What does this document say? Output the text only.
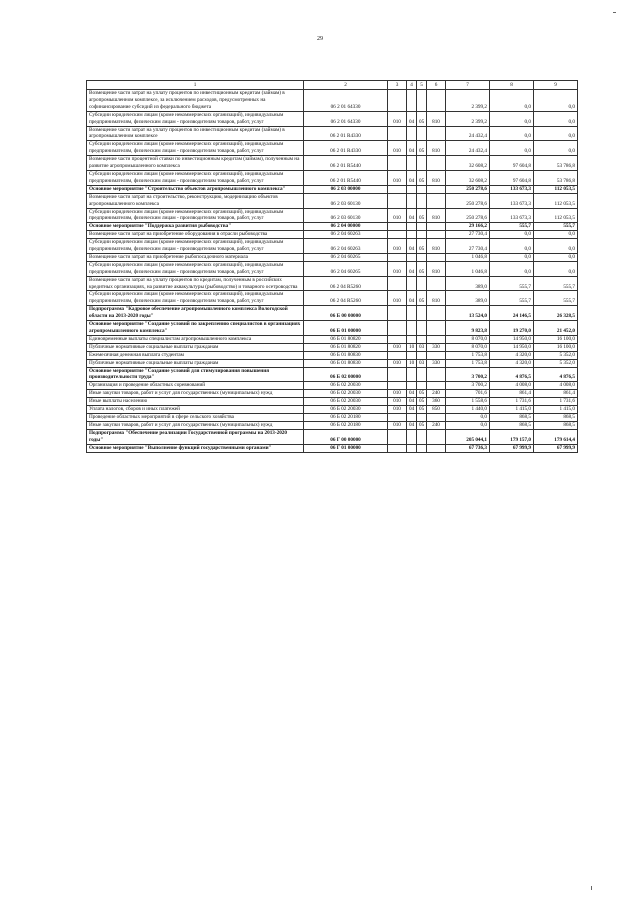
29
1	2	3	4	5	6	7	8	9
Возмещение части затрат на уплату процентов по инвестиционным кредитам (займам) в агропромышленном комплексе, за исключением расходов, предусмотренных на софинансирование субсидий из федерального бюджета	06 2 01 64330					2 399,2	0,0	0,0
Субсидии юридическим лицам (кроме некоммерческих организаций), индивидуальным предпринимателям, физическим лицам - производителям товаров, работ, услуг	06 2 01 64330	010	04	05	810	2 399,2	0,0	0,0
Возмещение части затрат на уплату процентов по инвестиционным кредитам (займам) в агропромышленном комплексе	06 2 01 R4330					24 432,4	0,0	0,0
Субсидии юридическим лицам (кроме некоммерческих организаций), индивидуальным предпринимателям, физическим лицам - производителям товаров, работ, услуг	06 2 01 R4330	010	04	05	810	24 432,4	0,0	0,0
Возмещение части процентной ставки по инвестиционным кредитам (займам), полученным на развитие агропромышленного комплекса	06 2 01 R5440					32 608,2	97 604,8	53 786,8
Субсидии юридическим лицам (кроме некоммерческих организаций), индивидуальным предпринимателям, физическим лицам - производителям товаров, работ, услуг	06 2 01 R5440	010	04	05	810	32 608,2	97 604,8	53 786,8
Основное мероприятие "Строительство объектов агропромышленного комплекса"	06 2 03 00000					250 278,6	133 673,3	112 053,5
Возмещение части затрат на строительство, реконструкцию, модернизацию объектов агропромышленного комплекса	06 2 03 60130					250 278,6	133 673,3	112 053,5
Субсидии юридическим лицам (кроме некоммерческих организаций), индивидуальным предпринимателям, физическим лицам - производителям товаров, работ, услуг	06 2 03 60130	010	04	05	810	250 278,6	133 673,3	112 053,5
Основное мероприятие "Поддержка развития рыбоводства"	06 2 04 00000					29 166,2	555,7	555,7
Возмещение части затрат на приобретение оборудования в отрасли рыбоводства	06 2 04 60263					27 730,4	0,0	0,0
Субсидии юридическим лицам (кроме некоммерческих организаций), индивидуальным предпринимателям, физическим лицам - производителям товаров, работ, услуг	06 2 04 60263	010	04	05	810	27 730,4	0,0	0,0
Возмещение части затрат на приобретение рыбопосадочного материала	06 2 04 60265					1 046,8	0,0	0,0
Субсидии юридическим лицам (кроме некоммерческих организаций), индивидуальным предпринимателям, физическим лицам - производителям товаров, работ, услуг	06 2 04 60265	010	04	05	810	1 046,8	0,0	0,0
Возмещение части затрат на уплату процентов по кредитам, полученным в российских кредитных организациях, на развитие аквакультуры (рыбоводство) и товарного осетроводства	06 2 04 R5260					389,0	555,7	555,7
Субсидии юридическим лицам (кроме некоммерческих организаций), индивидуальным предпринимателям, физическим лицам - производителям товаров, работ, услуг	06 2 04 R5260	010	04	05	810	389,0	555,7	555,7
Подпрограмма "Кадровое обеспечение агропромышленного комплекса Вологодской области на 2013-2020 годы"	06 Б 00 00000					13 524,0	24 146,5	26 328,5
Основное мероприятие "Создание условий по закреплению специалистов в организациях агропромышленного комплекса"	06 Б 01 00000					9 823,8	19 270,0	21 452,0
Единовременные выплаты специалистам агропромышленного комплекса	06 Б 01 80820					8 070,0	14 950,0	16 100,0
Публичные нормативные социальные выплаты гражданам	06 Б 01 80820	010	10	03	330	8 070,0	14 950,0	16 100,0
Ежемесячная денежная выплата студентам	06 Б 01 80830					1 753,8	4 320,0	5 352,0
Публичные нормативные социальные выплаты гражданам	06 Б 01 80830	010	10	03	330	1 753,8	4 320,0	5 352,0
Основное мероприятие "Создание условий для стимулирования повышения производительности труда"	06 Б 02 00000					3 700,2	4 876,5	4 876,5
Организация и проведение областных соревнований	06 Б 02 20030					3 700,2	4 008,0	4 008,0
Иные закупки товаров, работ и услуг для государственных (муниципальных) нужд	06 Б 02 20030	010	04	05	240	701,6	861,4	861,4
Иные выплаты населению	06 Б 02 20030	010	04	05	360	1 558,6	1 731,6	1 731,6
Уплата налогов, сборов и иных платежей	06 Б 02 20030	010	04	05	850	1 440,0	1 415,0	1 415,0
Проведение областных мероприятий в сфере сельского хозяйства	06 Б 02 20180					0,0	868,5	868,5
Иные закупки товаров, работ и услуг для государственных (муниципальных) нужд	06 Б 02 20180	010	04	05	240	0,0	868,5	868,5
Подпрограмма "Обеспечение реализации Государственной программы на 2013-2020 годы"	06 Г 00 00000					205 044,1	179 157,0	179 614,4
Основное мероприятие "Выполнение функций государственными органами"	06 Г 01 00000					67 736,3	67 999,9	67 999,9
